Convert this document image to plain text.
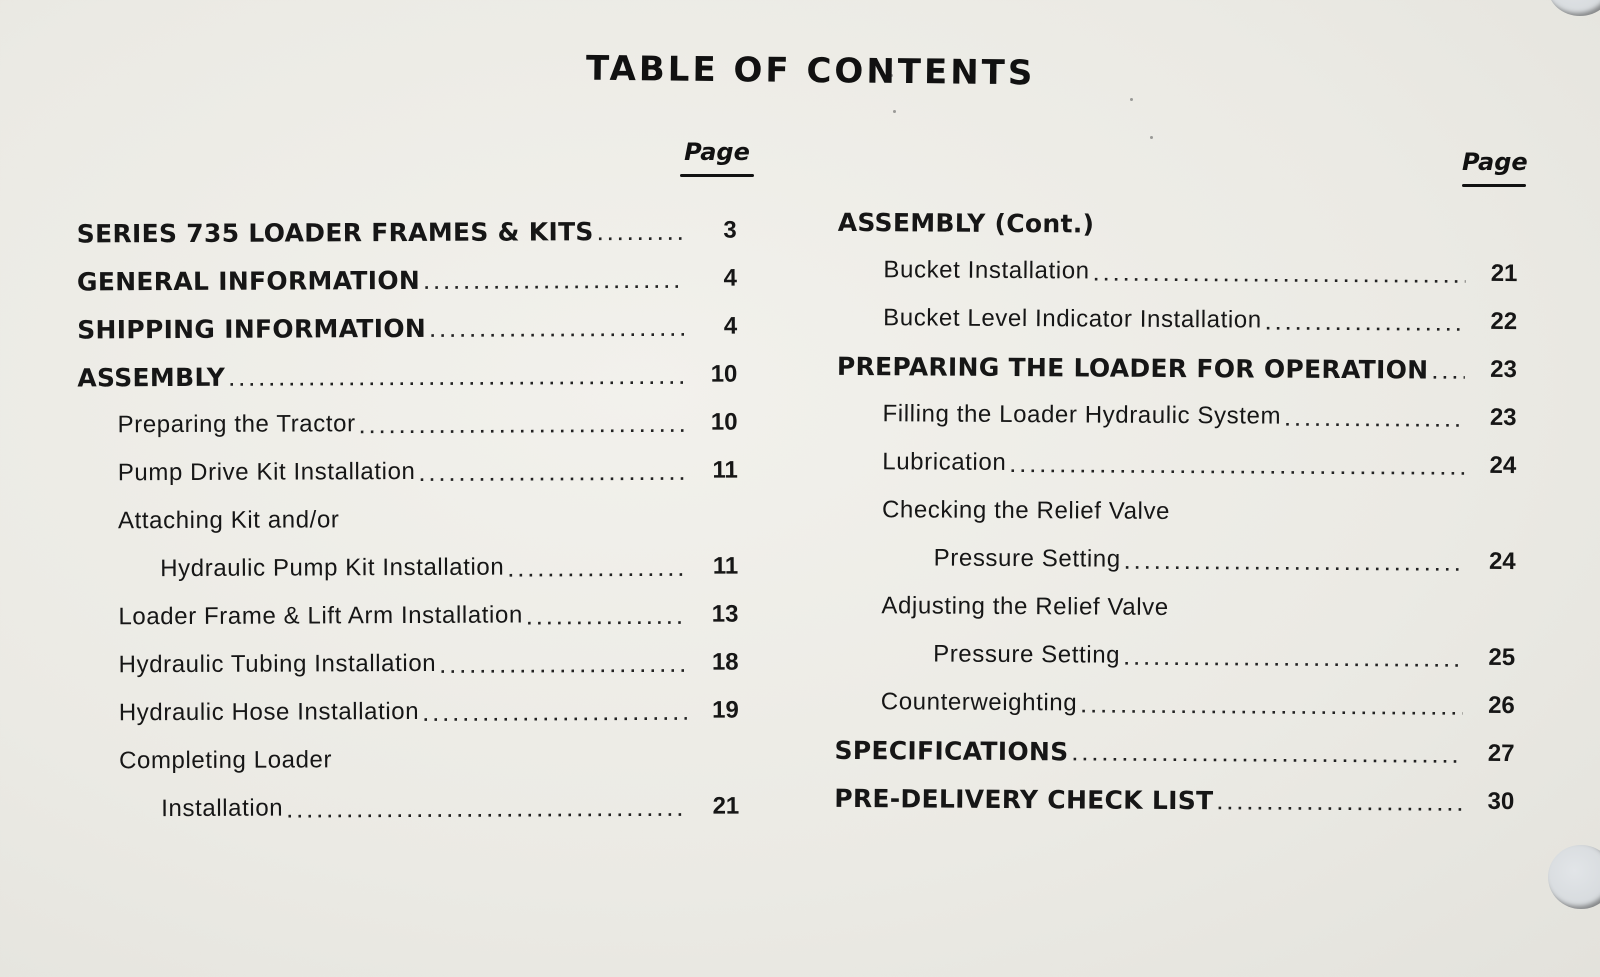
TABLE OF CONTENTS
Page	Page
SERIES 735 LOADER FRAMES & KITS . . .	3
GENERAL INFORMATION . . .	4
SHIPPING INFORMATION . . .	4
ASSEMBLY . . .	10
Preparing the Tractor . . .	10
Pump Drive Kit Installation . . .	11
Attaching Kit and/or
Hydraulic Pump Kit Installation . . .	11
Loader Frame & Lift Arm Installation . . .	13
Hydraulic Tubing Installation . . .	18
Hydraulic Hose Installation . . .	19
Completing Loader
Installation . . .	21
ASSEMBLY (Cont.)
Bucket Installation . . .	21
Bucket Level Indicator Installation . . .	22
PREPARING THE LOADER FOR OPERATION . . .	23
Filling the Loader Hydraulic System . . .	23
Lubrication . . .	24
Checking the Relief Valve
Pressure Setting . . .	24
Adjusting the Relief Valve
Pressure Setting . . .	25
Counterweighting . . .	26
SPECIFICATIONS . . .	27
PRE-DELIVERY CHECK LIST . . .	30
